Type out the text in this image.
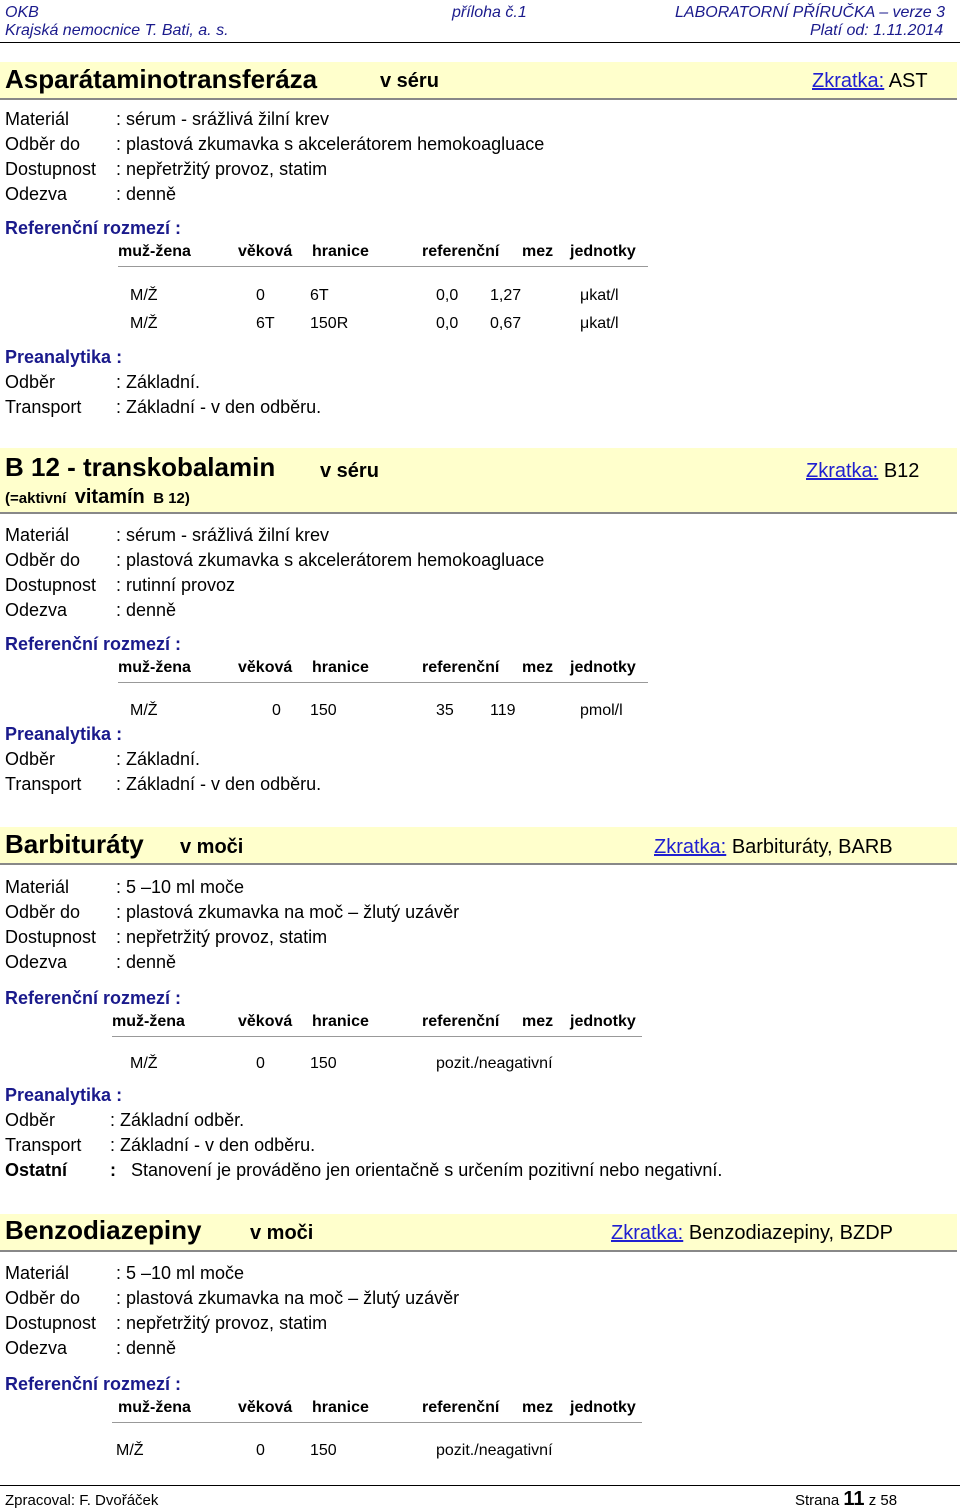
OKB
Krajská nemocnice T. Bati, a. s.
příloha č.1	LABORATORNÍ PŘÍRUČKA – verze 3
Platí od: 1.11.2014
Asparátaminotransferáza	v séru	Zkratka: AST
Materiál	: sérum - srážlivá žilní krev
Odběr do : plastová zkumavka s akcelerátorem hemokoagluace
Dostupnost : nepřetržitý provoz, statim
Odezva	: denně
Referenční rozmezí :
muž-žena	věková hranice	referenční mez jednotky
M/Ž	0	6T	0,0 1,27	μkat/l
M/Ž	6T 150R	0,0 0,67	μkat/l
Preanalytika :
Odběr	: Základní.
Transport : Základní - v den odběru.
B 12 - transkobalamin v séru	Zkratka: B12
(=aktivní vitamín B 12)
Materiál	: sérum - srážlivá žilní krev
Odběr do : plastová zkumavka s akcelerátorem hemokoagluace
Dostupnost : rutinní provoz
Odezva	: denně
Referenční rozmezí :
muž-žena	věková hranice	referenční mez jednotky
M/Ž	0 150	35 119	pmol/l
Preanalytika :
Odběr	: Základní.
Transport : Základní - v den odběru.
Barbituráty v moči	Zkratka: Barbituráty, BARB
Materiál	: 5 –10 ml moče
Odběr do : plastová zkumavka na moč – žlutý uzávěr
Dostupnost : nepřetržitý provoz, statim
Odezva	: denně
Referenční rozmezí :
muž-žena	věková hranice	referenční mez jednotky
M/Ž	0	150	pozit./neagativní
Preanalytika :
Odběr	: Základní odběr.
Transport : Základní - v den odběru.
Ostatní : Stanovení je prováděno jen orientačně s určením pozitivní nebo negativní.
Benzodiazepiny v moči	Zkratka: Benzodiazepiny, BZDP
Materiál	: 5 –10 ml moče
Odběr do : plastová zkumavka na moč – žlutý uzávěr
Dostupnost : nepřetržitý provoz, statim
Odezva	: denně
Referenční rozmezí :
muž-žena	věková hranice	referenční mez jednotky
M/Ž	0	150	pozit./neagativní
Zpracoval: F. Dvořáček	Strana 11 z 58
